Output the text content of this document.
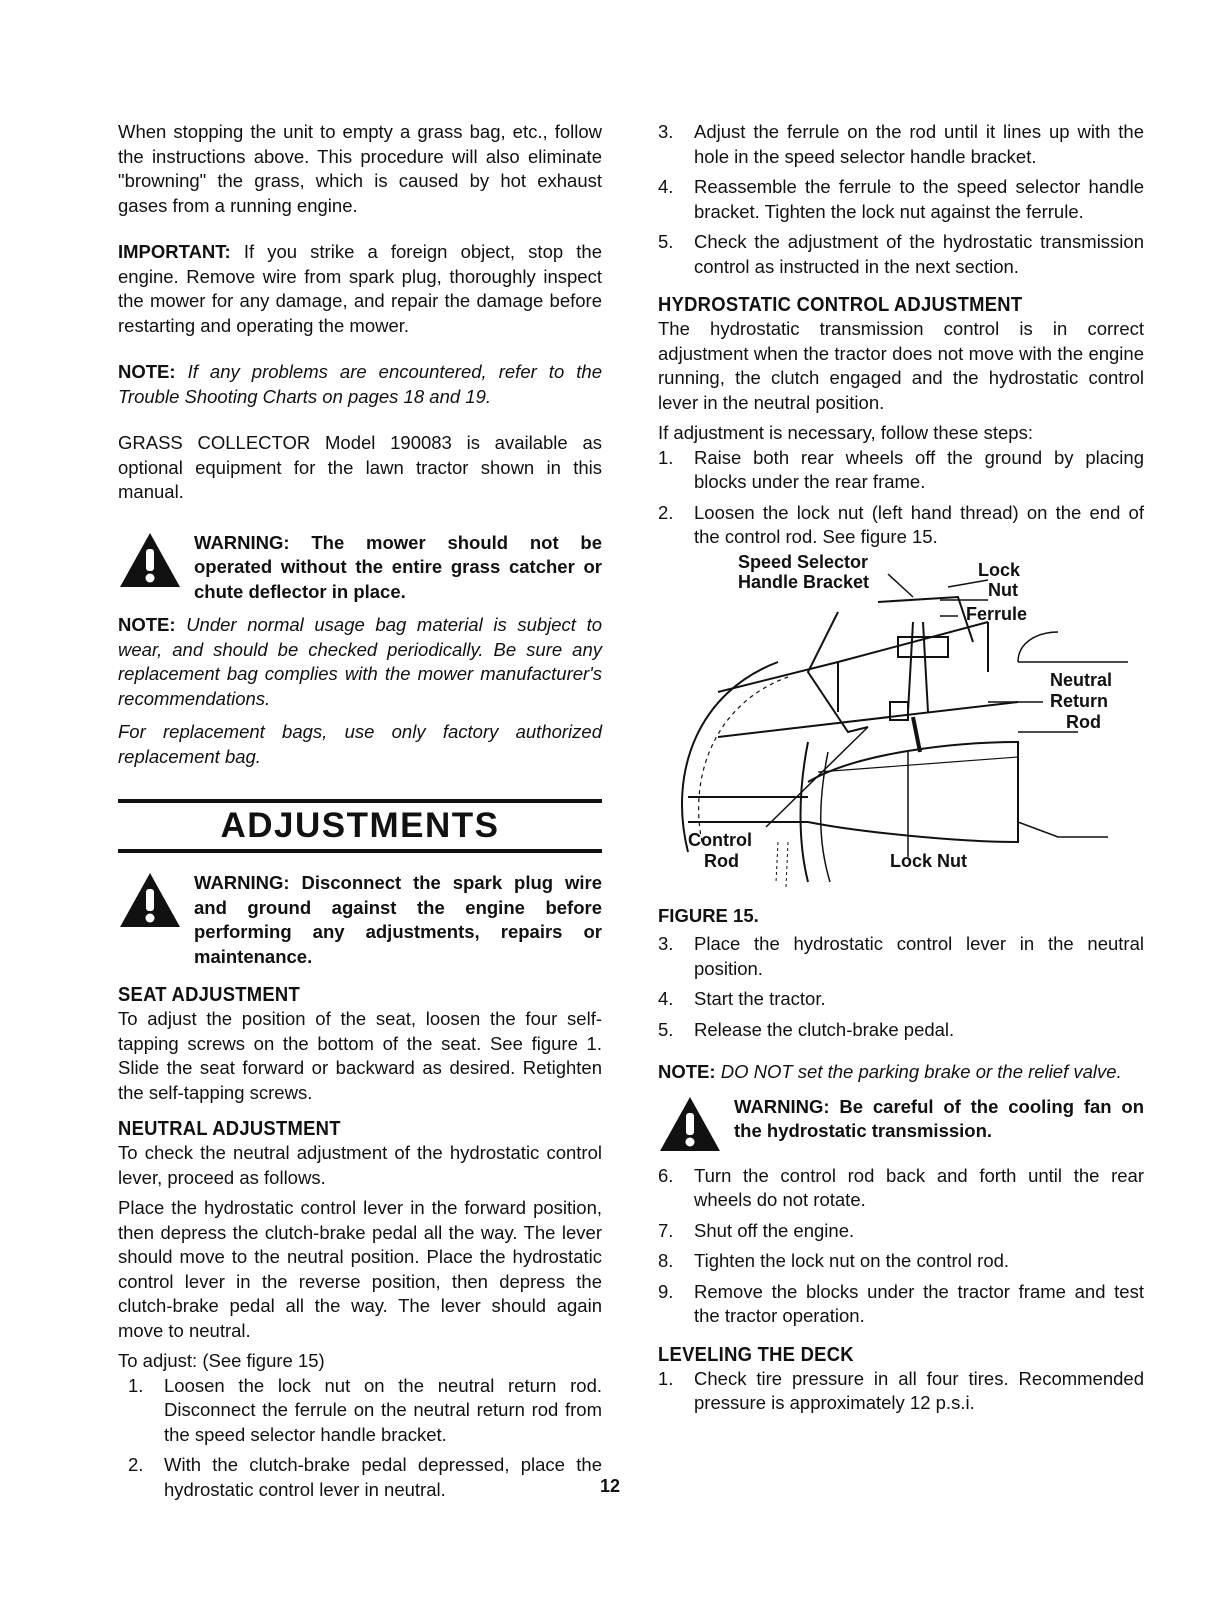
When stopping the unit to empty a grass bag, etc., follow the instructions above. This procedure will also eliminate "browning" the grass, which is caused by hot exhaust gases from a running engine.

IMPORTANT: If you strike a foreign object, stop the engine. Remove wire from spark plug, thoroughly inspect the mower for any damage, and repair the damage before restarting and operating the mower.

NOTE: If any problems are encountered, refer to the Trouble Shooting Charts on pages 18 and 19.

GRASS COLLECTOR Model 190083 is available as optional equipment for the lawn tractor shown in this manual.

WARNING: The mower should not be operated without the entire grass catcher or chute deflector in place.

NOTE: Under normal usage bag material is subject to wear, and should be checked periodically. Be sure any replacement bag complies with the mower manufacturer's recommendations.

For replacement bags, use only factory authorized replacement bag.

ADJUSTMENTS
WARNING: Disconnect the spark plug wire and ground against the engine before performing any adjustments, repairs or maintenance.
SEAT ADJUSTMENT

To adjust the position of the seat, loosen the four self-tapping screws on the bottom of the seat. See figure 1. Slide the seat forward or backward as desired. Retighten the self-tapping screws.

NEUTRAL ADJUSTMENT

To check the neutral adjustment of the hydrostatic control lever, proceed as follows.

Place the hydrostatic control lever in the forward position, then depress the clutch-brake pedal all the way. The lever should move to the neutral position. Place the hydrostatic control lever in the reverse position, then depress the clutch-brake pedal all the way. The lever should again move to neutral.

To adjust: (See figure 15)

1.	Loosen the lock nut on the neutral return rod. Disconnect the ferrule on the neutral return rod from the speed selector handle bracket.
2.	With the clutch-brake pedal depressed, place the hydrostatic control lever in neutral.
3.	Adjust the ferrule on the rod until it lines up with the hole in the speed selector handle bracket.
4.	Reassemble the ferrule to the speed selector handle bracket. Tighten the lock nut against the ferrule.
5.	Check the adjustment of the hydrostatic transmission control as instructed in the next section.
HYDROSTATIC CONTROL ADJUSTMENT

The hydrostatic transmission control is in correct adjustment when the tractor does not move with the engine running, the clutch engaged and the hydrostatic control lever in the neutral position.

If adjustment is necessary, follow these steps:

1.	Raise both rear wheels off the ground by placing blocks under the rear frame.
2.	Loosen the lock nut (left hand thread) on the end of the control rod. See figure 15.
Speed Selector
Handle Bracket
Lock
Nut
Ferrule
Neutral
Return
Rod
Control
Rod	Lock Nut

FIGURE 15.

3.	Place the hydrostatic control lever in the neutral position.
4.	Start the tractor.
5.	Release the clutch-brake pedal.

NOTE: DO NOT set the parking brake or the relief valve.

WARNING: Be careful of the cooling fan on the hydrostatic transmission.
6.	Turn the control rod back and forth until the rear wheels do not rotate.
7.	Shut off the engine.
8.	Tighten the lock nut on the control rod.
9.	Remove the blocks under the tractor frame and test the tractor operation.
LEVELING THE DECK
1.	Check tire pressure in all four tires. Recommended pressure is approximately 12 p.s.i.
12
